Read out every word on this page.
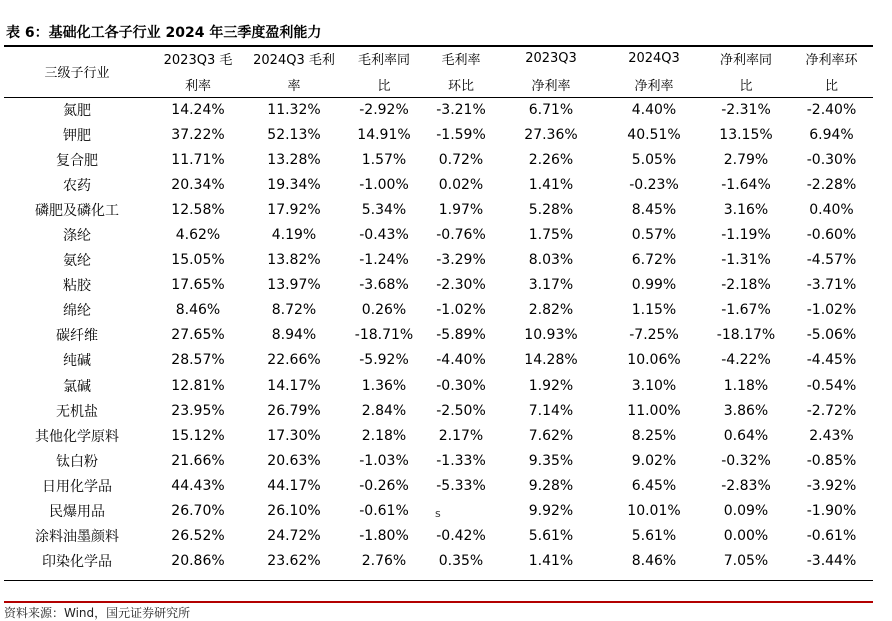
表 6：基础化工各子行业 2024 年三季度盈利能力
三级子行业	2023Q3 毛	2024Q3 毛利	毛利率同	毛利率	2023Q3	2024Q3	净利率同	净利率环
	利率	率	比	环比	净利率	净利率	比	比
氮肥	14.24%	11.32%	-2.92%	-3.21%	6.71%	4.40%	-2.31%	-2.40%
钾肥	37.22%	52.13%	14.91%	-1.59%	27.36%	40.51%	13.15%	6.94%
复合肥	11.71%	13.28%	1.57%	0.72%	2.26%	5.05%	2.79%	-0.30%
农药	20.34%	19.34%	-1.00%	0.02%	1.41%	-0.23%	-1.64%	-2.28%
磷肥及磷化工	12.58%	17.92%	5.34%	1.97%	5.28%	8.45%	3.16%	0.40%
涤纶	4.62%	4.19%	-0.43%	-0.76%	1.75%	0.57%	-1.19%	-0.60%
氨纶	15.05%	13.82%	-1.24%	-3.29%	8.03%	6.72%	-1.31%	-4.57%
粘胶	17.65%	13.97%	-3.68%	-2.30%	3.17%	0.99%	-2.18%	-3.71%
绵纶	8.46%	8.72%	0.26%	-1.02%	2.82%	1.15%	-1.67%	-1.02%
碳纤维	27.65%	8.94%	-18.71%	-5.89%	10.93%	-7.25%	-18.17%	-5.06%
纯碱	28.57%	22.66%	-5.92%	-4.40%	14.28%	10.06%	-4.22%	-4.45%
氯碱	12.81%	14.17%	1.36%	-0.30%	1.92%	3.10%	1.18%	-0.54%
无机盐	23.95%	26.79%	2.84%	-2.50%	7.14%	11.00%	3.86%	-2.72%
其他化学原料	15.12%	17.30%	2.18%	2.17%	7.62%	8.25%	0.64%	2.43%
钛白粉	21.66%	20.63%	-1.03%	-1.33%	9.35%	9.02%	-0.32%	-0.85%
日用化学品	44.43%	44.17%	-0.26%	-5.33%	9.28%	6.45%	-2.83%	-3.92%
民爆用品	26.70%	26.10%	-0.61%		9.92%	10.01%	0.09%	-1.90%
涂料油墨颜料	26.52%	24.72%	-1.80%	-0.42%	5.61%	5.61%	0.00%	-0.61%
印染化学品	20.86%	23.62%	2.76%	0.35%	1.41%	8.46%	7.05%	-3.44%
s
资料来源：Wind，国元证券研究所
